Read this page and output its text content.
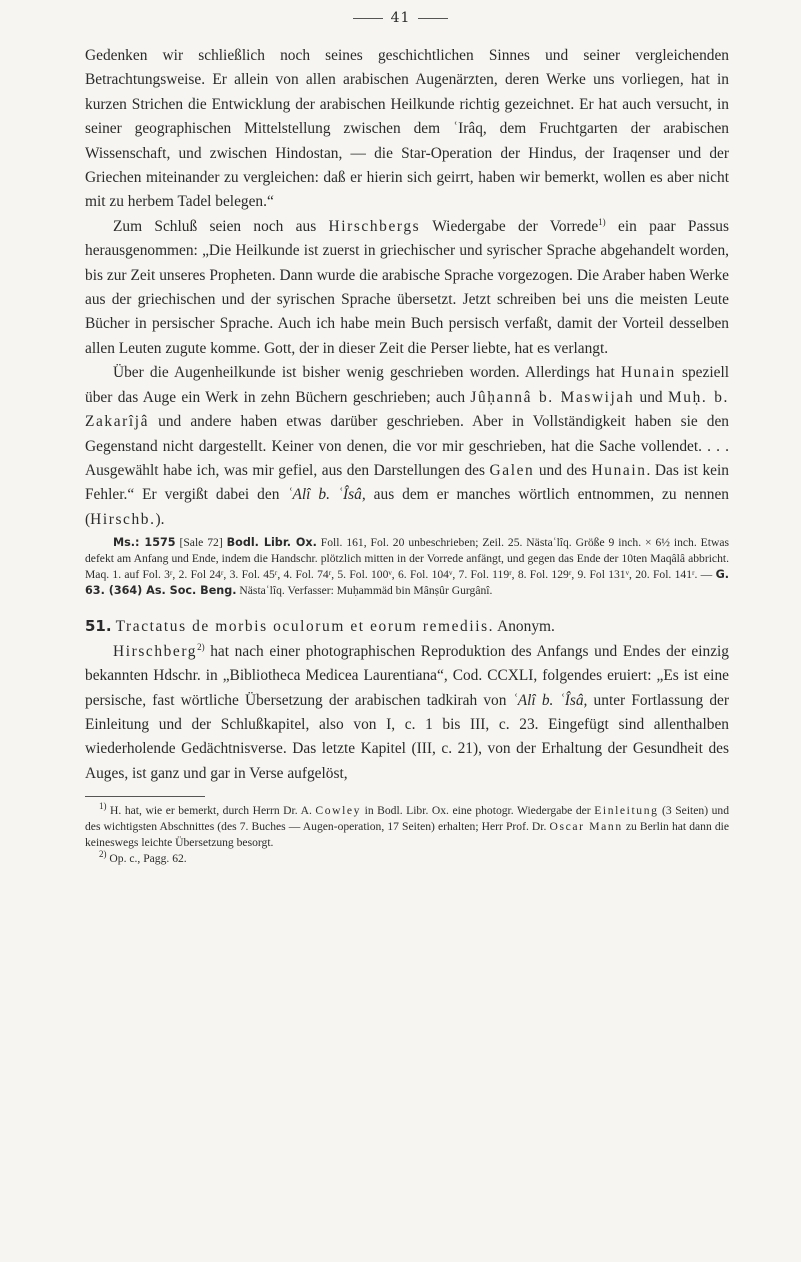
41

Gedenken wir schließlich noch seines geschichtlichen Sinnes und seiner vergleichenden Betrachtungsweise. Er allein von allen arabischen Augenärzten, deren Werke uns vorliegen, hat in kurzen Strichen die Entwicklung der arabischen Heilkunde richtig gezeichnet. Er hat auch versucht, in seiner geographischen Mittelstellung zwischen dem ʿIrâq, dem Fruchtgarten der arabischen Wissenschaft, und zwischen Hindostan, — die Star-Operation der Hindus, der Iraqenser und der Griechen miteinander zu vergleichen: daß er hierin sich geirrt, haben wir bemerkt, wollen es aber nicht mit zu herbem Tadel belegen.“

Zum Schluß seien noch aus Hirschbergs Wiedergabe der Vorrede$^{1)}$ ein paar Passus herausgenommen: „Die Heilkunde ist zuerst in griechischer und syrischer Sprache abgehandelt worden, bis zur Zeit unseres Propheten. Dann wurde die arabische Sprache vorgezogen. Die Araber haben Werke aus der griechischen und der syrischen Sprache übersetzt. Jetzt schreiben bei uns die meisten Leute Bücher in persischer Sprache. Auch ich habe mein Buch persisch verfaßt, damit der Vorteil desselben allen Leuten zugute komme. Gott, der in dieser Zeit die Perser liebte, hat es verlangt.

Über die Augenheilkunde ist bisher wenig geschrieben worden. Allerdings hat Hunain speziell über das Auge ein Werk in zehn Büchern geschrieben; auch Jûḥannâ b. Maswijah und Muḥ. b. Zakarîjâ und andere haben etwas darüber geschrieben. Aber in Vollständigkeit haben sie den Gegenstand nicht dargestellt. Keiner von denen, die vor mir geschrieben, hat die Sache vollendet. . . . Ausgewählt habe ich, was mir gefiel, aus den Darstellungen des Galen und des Hunain. Das ist kein Fehler.“ Er vergißt dabei den ʿAlî b. ʿÎsâ, aus dem er manches wörtlich entnommen, zu nennen (Hirschb.).

Ms.: 1575 [Sale 72] Bodl. Libr. Ox. Foll. 161, Fol. 20 unbeschrieben; Zeil. 25. Nästaʿlîq. Größe 9 inch. × 6½ inch. Etwas defekt am Anfang und Ende, indem die Handschr. plötzlich mitten in der Vorrede anfängt, und gegen das Ende der 10ten Maqâlâ abbricht. Maq. 1. auf Fol. 3ʳ, 2. Fol 24ʳ, 3. Fol. 45ʳ, 4. Fol. 74ʳ, 5. Fol. 100ᵛ, 6. Fol. 104ᵛ, 7. Fol. 119ʳ, 8. Fol. 129ʳ, 9. Fol 131ᵛ, 20. Fol. 141ʳ. — G. 63. (364) As. Soc. Beng. Nästaʿlîq. Verfasser: Muḥammäd bin Mânṣûr Gurgânî.

51. Tractatus de morbis oculorum et eorum remediis. Anonym.

Hirschberg$^{2)}$ hat nach einer photographischen Reproduktion des Anfangs und Endes der einzig bekannten Hdschr. in „Bibliotheca Medicea Laurentiana“, Cod. CCXLI, folgendes eruiert: „Es ist eine persische, fast wörtliche Übersetzung der arabischen tadkirah von ʿAlî b. ʿÎsâ, unter Fortlassung der Einleitung und der Schlußkapitel, also von I, c. 1 bis III, c. 23. Eingefügt sind allenthalben wiederholende Gedächtnisverse. Das letzte Kapitel (III, c. 21), von der Erhaltung der Gesundheit des Auges, ist ganz und gar in Verse aufgelöst,

$^{1)}$ H. hat, wie er bemerkt, durch Herrn Dr. A. Cowley in Bodl. Libr. Ox. eine photogr. Wiedergabe der Einleitung (3 Seiten) und des wichtigsten Abschnittes (des 7. Buches — Augen-operation, 17 Seiten) erhalten; Herr Prof. Dr. Oscar Mann zu Berlin hat dann die keineswegs leichte Übersetzung besorgt.

$^{2)}$ Op. c., Pagg. 62.
